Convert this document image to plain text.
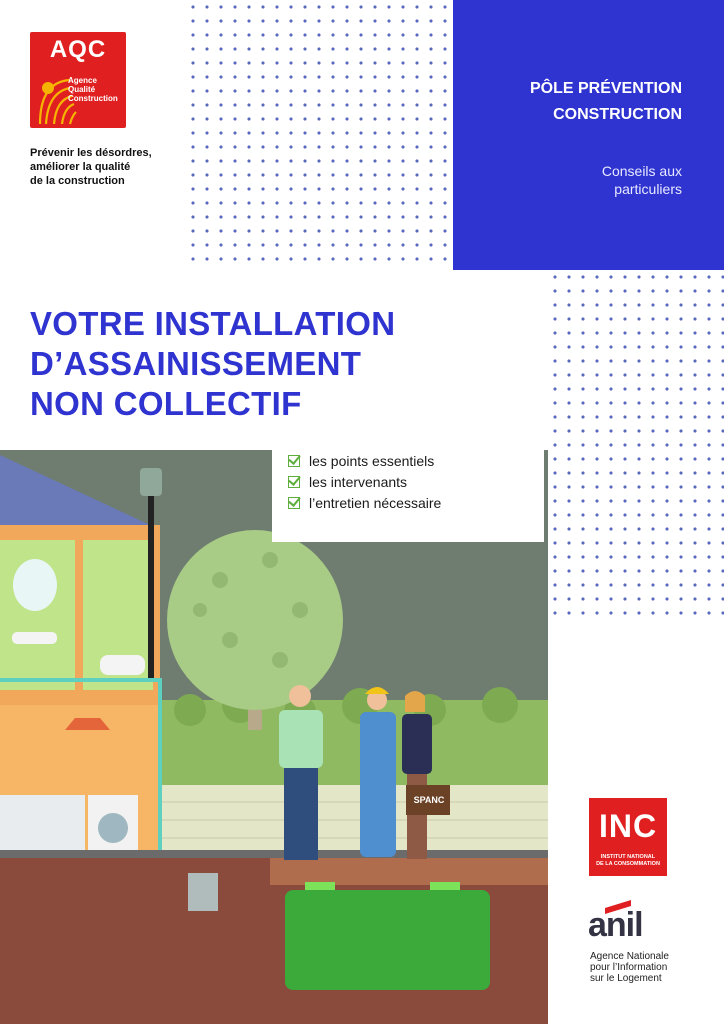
AQC
Agence
Qualité
Construction
Prévenir les désordres,
améliorer la qualité
de la construction
PÔLE PRÉVENTION
CONSTRUCTION
Conseils aux
particuliers
VOTRE INSTALLATION
D’ASSAINISSEMENT
NON COLLECTIF
SPANC
les points essentiels
les intervenants
l’entretien nécessaire
INC
INSTITUT NATIONAL
DE LA CONSOMMATION
anil
Agence Nationale
pour l’Information
sur le Logement
